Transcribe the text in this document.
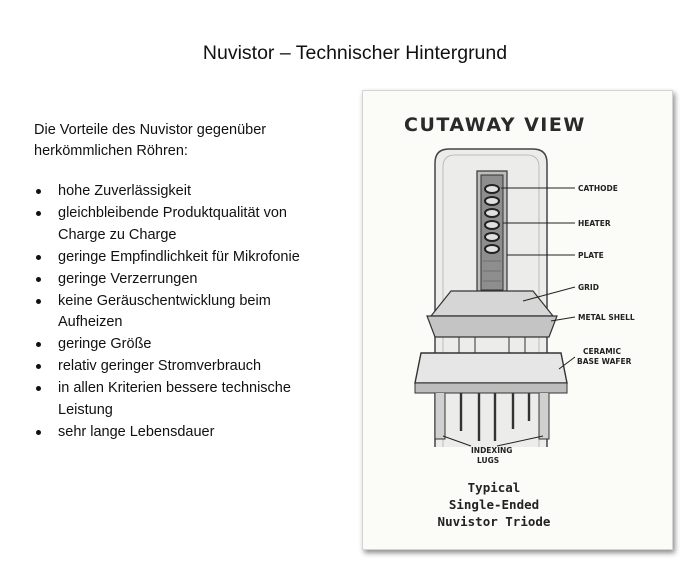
Nuvistor – Technischer Hintergrund
Die Vorteile des Nuvistor gegenüber herkömmlichen Röhren:
hohe Zuverlässigkeit
gleichbleibende Produktqualität von Charge zu Charge
geringe Empfindlichkeit für Mikrofonie
geringe Verzerrungen
keine Geräuschentwicklung beim Aufheizen
geringe Größe
relativ geringer Stromverbrauch
in allen Kriterien bessere technische Leistung
sehr lange Lebensdauer
CUTAWAY VIEW
CATHODE
HEATER
PLATE
GRID
METAL SHELL
CERAMIC
BASE WAFER
INDEXING
LUGS
Typical
Single-Ended
Nuvistor Triode
